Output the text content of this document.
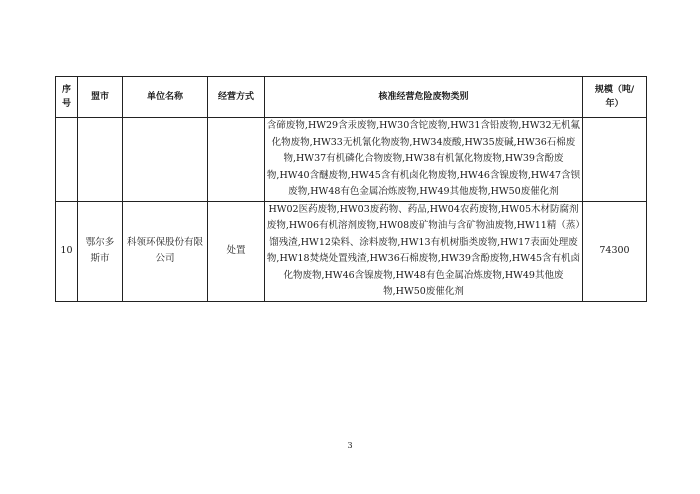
序号	盟市	单位名称	经营方式	核准经营危险废物类别	规模（吨/年）
				含碲废物,HW29含汞废物,HW30含铊废物,HW31含铅废物,HW32无机氟化物废物,HW33无机氰化物废物,HW34废酸,HW35废碱,HW36石棉废物,HW37有机磷化合物废物,HW38有机氰化物废物,HW39含酚废物,HW40含醚废物,HW45含有机卤化物废物,HW46含镍废物,HW47含钡废物,HW48有色金属冶炼废物,HW49其他废物,HW50废催化剂	
10	鄂尔多斯市	科领环保股份有限公司	处置	HW02医药废物,HW03废药物、药品,HW04农药废物,HW05木材防腐剂废物,HW06有机溶剂废物,HW08废矿物油与含矿物油废物,HW11精（蒸）馏残渣,HW12染料、涂料废物,HW13有机树脂类废物,HW17表面处理废物,HW18焚烧处置残渣,HW36石棉废物,HW39含酚废物,HW45含有机卤化物废物,HW46含镍废物,HW48有色金属冶炼废物,HW49其他废物,HW50废催化剂	74300
3
